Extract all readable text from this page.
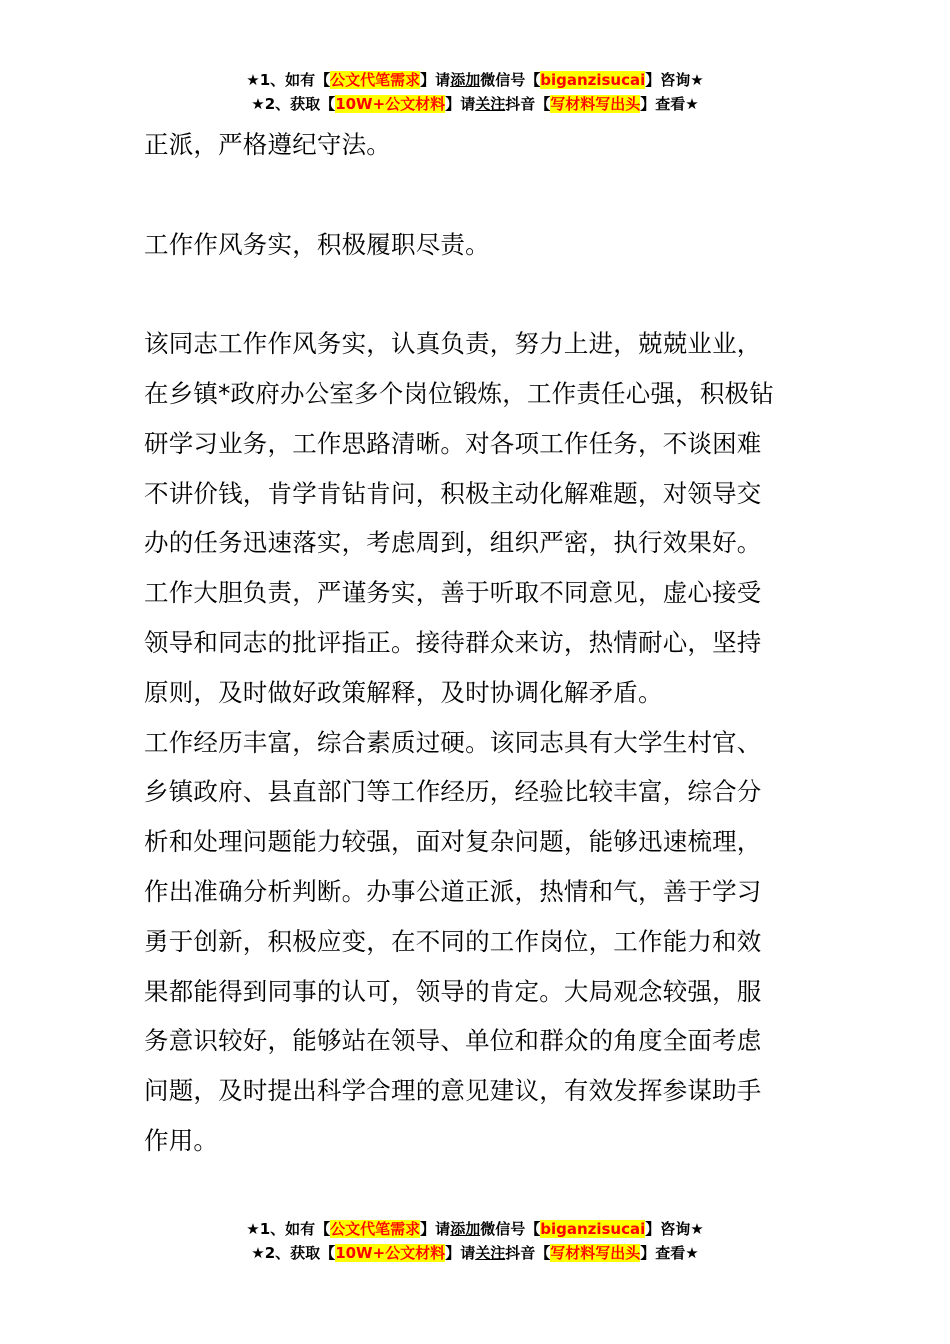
★1、如有【公文代笔需求】请添加微信号【biganzisucai】咨询★
★2、获取【10W+公文材料】请关注抖音【写材料写出头】查看★

正派，严格遵纪守法。

工作作风务实，积极履职尽责。

该同志工作作风务实，认真负责，努力上进，兢兢业业，

在乡镇*政府办公室多个岗位锻炼，工作责任心强，积极钻

研学习业务，工作思路清晰。对各项工作任务，不谈困难

不讲价钱，肯学肯钻肯问，积极主动化解难题，对领导交

办的任务迅速落实，考虑周到，组织严密，执行效果好。

工作大胆负责，严谨务实，善于听取不同意见，虚心接受

领导和同志的批评指正。接待群众来访，热情耐心，坚持

原则，及时做好政策解释，及时协调化解矛盾。

工作经历丰富，综合素质过硬。该同志具有大学生村官、

乡镇政府、县直部门等工作经历，经验比较丰富，综合分

析和处理问题能力较强，面对复杂问题，能够迅速梳理，

作出准确分析判断。办事公道正派，热情和气，善于学习

勇于创新，积极应变，在不同的工作岗位，工作能力和效

果都能得到同事的认可，领导的肯定。大局观念较强，服

务意识较好，能够站在领导、单位和群众的角度全面考虑

问题，及时提出科学合理的意见建议，有效发挥参谋助手

作用。

★1、如有【公文代笔需求】请添加微信号【biganzisucai】咨询★
★2、获取【10W+公文材料】请关注抖音【写材料写出头】查看★
